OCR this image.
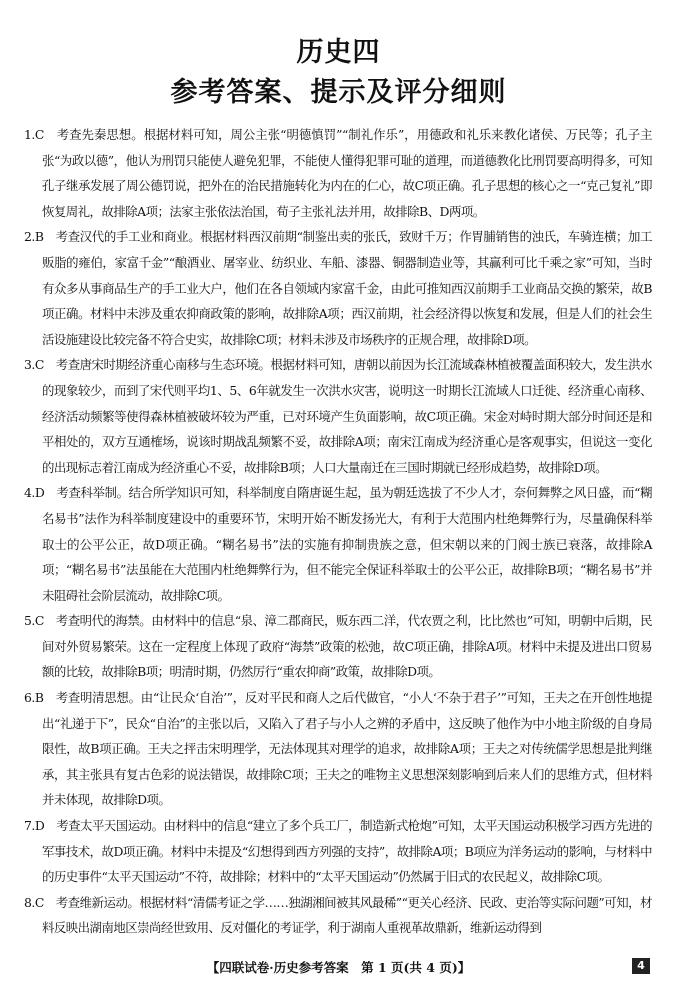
历史四
参考答案、提示及评分细则
1.C　考查先秦思想。根据材料可知，周公主张“明德慎罚”“制礼作乐”，用德政和礼乐来教化诸侯、万民等；孔子主张“为政以德”，他认为刑罚只能使人避免犯罪，不能使人懂得犯罪可耻的道理，而道德教化比刑罚要高明得多，可知孔子继承发展了周公德罚说，把外在的治民措施转化为内在的仁心，故C项正确。孔子思想的核心之一“克己复礼”即恢复周礼，故排除A项；法家主张依法治国，荀子主张礼法并用，故排除B、D两项。
2.B　考查汉代的手工业和商业。根据材料西汉前期“制鉴出卖的张氏，致财千万；作胃脯销售的浊氏，车骑连横；加工贩脂的雍伯，家富千金”“酿酒业、屠宰业、纺织业、车船、漆器、铜器制造业等，其赢利可比千乘之家”可知，当时有众多从事商品生产的手工业大户，他们在各自领域内家富千金，由此可推知西汉前期手工业商品交换的繁荣，故B项正确。材料中未涉及重农抑商政策的影响，故排除A项；西汉前期，社会经济得以恢复和发展，但是人们的社会生活设施建设比较完备不符合史实，故排除C项；材料未涉及市场秩序的正规合理，故排除D项。
3.C　考查唐宋时期经济重心南移与生态环境。根据材料可知，唐朝以前因为长江流域森林植被覆盖面积较大，发生洪水的现象较少，而到了宋代则平均1、5、6年就发生一次洪水灾害，说明这一时期长江流域人口迁徙、经济重心南移、经济活动频繁等使得森林植被破坏较为严重，已对环境产生负面影响，故C项正确。宋金对峙时期大部分时间还是和平相处的，双方互通榷场，说该时期战乱频繁不妥，故排除A项；南宋江南成为经济重心是客观事实，但说这一变化的出现标志着江南成为经济重心不妥，故排除B项；人口大量南迁在三国时期就已经形成趋势，故排除D项。
4.D　考查科举制。结合所学知识可知，科举制度自隋唐诞生起，虽为朝廷选拔了不少人才，奈何舞弊之风日盛，而“糊名易书”法作为科举制度建设中的重要环节，宋明开始不断发扬光大，有利于大范围内杜绝舞弊行为，尽量确保科举取士的公平公正，故D项正确。“糊名易书”法的实施有抑制贵族之意，但宋朝以来的门阀士族已衰落，故排除A项；“糊名易书”法虽能在大范围内杜绝舞弊行为，但不能完全保证科举取士的公平公正，故排除B项；“糊名易书”并未阻碍社会阶层流动，故排除C项。
5.C　考查明代的海禁。由材料中的信息“泉、漳二郡商民，贩东西二洋，代农贾之利，比比然也”可知，明朝中后期，民间对外贸易繁荣。这在一定程度上体现了政府“海禁”政策的松弛，故C项正确，排除A项。材料中未提及进出口贸易额的比较，故排除B项；明清时期，仍然厉行“重农抑商”政策，故排除D项。
6.B　考查明清思想。由“让民众‘自治’”，反对平民和商人之后代做官，“小人‘不杂于君子’”可知，王夫之在开创性地提出“礼递于下”，民众“自治”的主张以后，又陷入了君子与小人之辨的矛盾中，这反映了他作为中小地主阶级的自身局限性，故B项正确。王夫之抨击宋明理学，无法体现其对理学的追求，故排除A项；王夫之对传统儒学思想是批判继承，其主张具有复古色彩的说法错误，故排除C项；王夫之的唯物主义思想深刻影响到后来人们的思维方式，但材料并未体现，故排除D项。
7.D　考查太平天国运动。由材料中的信息“建立了多个兵工厂，制造新式枪炮”可知，太平天国运动积极学习西方先进的军事技术，故D项正确。材料中未提及“幻想得到西方列强的支持”，故排除A项；B项应为洋务运动的影响，与材料中的历史事件“太平天国运动”不符，故排除；材料中的“太平天国运动”仍然属于旧式的农民起义，故排除C项。
8.C　考查维新运动。根据材料“清儒考证之学……独湖湘间被其风最稀”“更关心经济、民政、吏治等实际问题”可知，材料反映出湖南地区崇尚经世致用、反对僵化的考证学，利于湖南人重视革故鼎新，维新运动得到
【四联试卷·历史参考答案　第 1 页(共 4 页)】	4
